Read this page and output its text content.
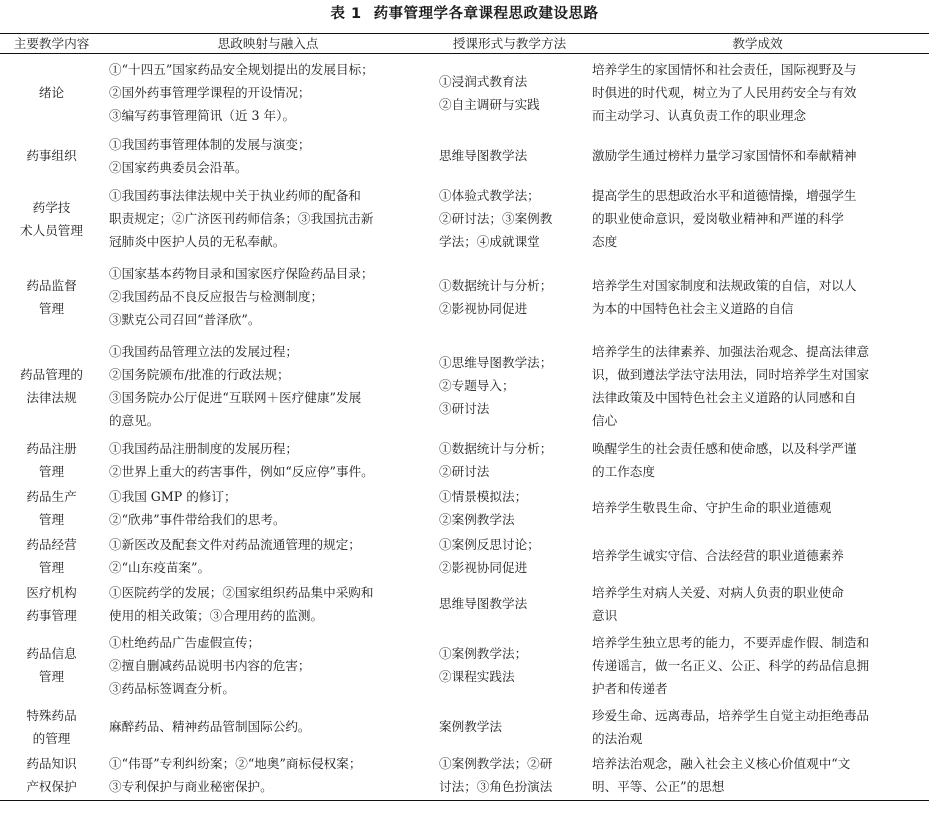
表 1 药事管理学各章课程思政建设思路
主要教学内容	思政映射与融入点	授课形式与教学方法	教学成效
绪论	①“十四五”国家药品安全规划提出的发展目标；
②国外药事管理学课程的开设情况；
③编写药事管理简讯（近 3 年）。	①浸润式教育法
②自主调研与实践	培养学生的家国情怀和社会责任，国际视野及与
时俱进的时代观，树立为了人民用药安全与有效
而主动学习、认真负责工作的职业理念

药事组织	①我国药事管理体制的发展与演变；
②国家药典委员会沿革。	思维导图教学法	激励学生通过榜样力量学习家国情怀和奉献精神

药学技
术人员管理	①我国药事法律法规中关于执业药师的配备和
职责规定；②广济医刊药师信条；③我国抗击新
冠肺炎中医护人员的无私奉献。	①体验式教学法；
②研讨法；③案例教
学法；④成就课堂	提高学生的思想政治水平和道德情操，增强学生
的职业使命意识，爱岗敬业精神和严谨的科学
态度

药品监督
管理	①国家基本药物目录和国家医疗保险药品目录；
②我国药品不良反应报告与检测制度；
③默克公司召回“普泽欣”。	①数据统计与分析；
②影视协同促进	培养学生对国家制度和法规政策的自信，对以人
为本的中国特色社会主义道路的自信

药品管理的
法律法规	①我国药品管理立法的发展过程；
②国务院颁布/批准的行政法规；
③国务院办公厅促进“互联网＋医疗健康”发展
的意见。	①思维导图教学法；
②专题导入；
③研讨法	培养学生的法律素养、加强法治观念、提高法律意
识，做到遵法学法守法用法，同时培养学生对国家
法律政策及中国特色社会主义道路的认同感和自
信心

药品注册
管理	①我国药品注册制度的发展历程；
②世界上重大的药害事件，例如“反应停”事件。	①数据统计与分析；
②研讨法	唤醒学生的社会责任感和使命感，以及科学严谨
的工作态度

药品生产
管理	①我国 GMP 的修订；
②“欣弗”事件带给我们的思考。	①情景模拟法；
②案例教学法	培养学生敬畏生命、守护生命的职业道德观

药品经营
管理	①新医改及配套文件对药品流通管理的规定；
②“山东疫苗案”。	①案例反思讨论；
②影视协同促进	培养学生诚实守信、合法经营的职业道德素养

医疗机构
药事管理	①医院药学的发展；②国家组织药品集中采购和
使用的相关政策；③合理用药的监测。	思维导图教学法	培养学生对病人关爱、对病人负责的职业使命
意识

药品信息
管理	①杜绝药品广告虚假宣传；
②擅自删减药品说明书内容的危害；
③药品标签调查分析。	①案例教学法；
②课程实践法	培养学生独立思考的能力，不要弄虚作假、制造和
传递谣言，做一名正义、公正、科学的药品信息拥
护者和传递者

特殊药品
的管理	麻醉药品、精神药品管制国际公约。	案例教学法	珍爱生命、远离毒品，培养学生自觉主动拒绝毒品
的法治观

药品知识
产权保护	①“伟哥”专利纠纷案；②“地奥”商标侵权案；
③专利保护与商业秘密保护。	①案例教学法；②研
讨法；③角色扮演法	培养法治观念，融入社会主义核心价值观中“文
明、平等、公正”的思想
